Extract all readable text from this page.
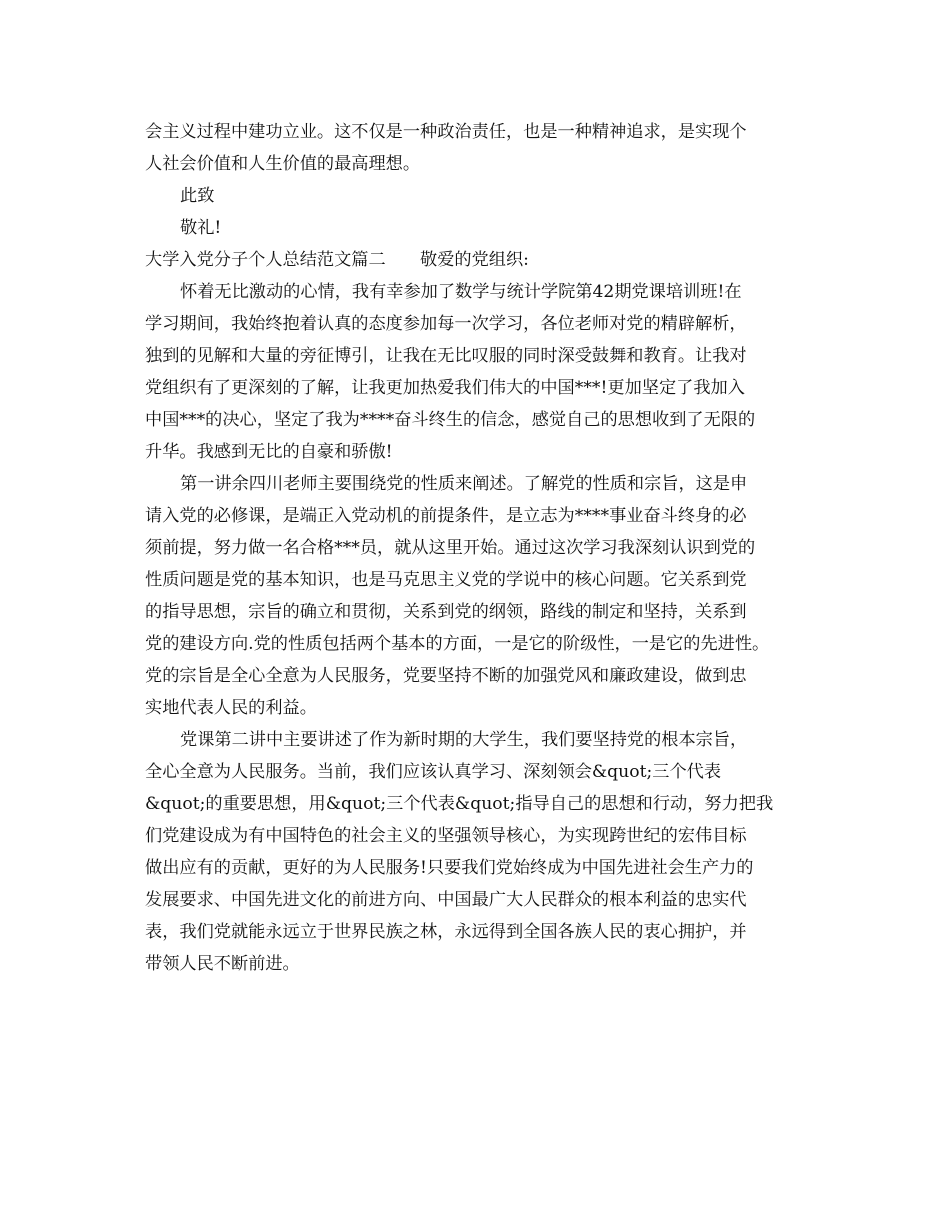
会主义过程中建功立业。这不仅是一种政治责任，也是一种精神追求，是实现个
人社会价值和人生价值的最高理想。
此致
敬礼!
大学入党分子个人总结范文篇二　　敬爱的党组织:
怀着无比激动的心情，我有幸参加了数学与统计学院第42期党课培训班!在
学习期间，我始终抱着认真的态度参加每一次学习，各位老师对党的精辟解析，
独到的见解和大量的旁征博引，让我在无比叹服的同时深受鼓舞和教育。让我对
党组织有了更深刻的了解，让我更加热爱我们伟大的中国***!更加坚定了我加入
中国***的决心，坚定了我为****奋斗终生的信念，感觉自己的思想收到了无限的
升华。我感到无比的自豪和骄傲!
第一讲余四川老师主要围绕党的性质来阐述。了解党的性质和宗旨，这是申
请入党的必修课，是端正入党动机的前提条件，是立志为****事业奋斗终身的必
须前提，努力做一名合格***员，就从这里开始。通过这次学习我深刻认识到党的
性质问题是党的基本知识，也是马克思主义党的学说中的核心问题。它关系到党
的指导思想，宗旨的确立和贯彻，关系到党的纲领，路线的制定和坚持，关系到
党的建设方向.党的性质包括两个基本的方面，一是它的阶级性，一是它的先进性。
党的宗旨是全心全意为人民服务，党要坚持不断的加强党风和廉政建设，做到忠
实地代表人民的利益。
党课第二讲中主要讲述了作为新时期的大学生，我们要坚持党的根本宗旨，
全心全意为人民服务。当前，我们应该认真学习、深刻领会&quot;三个代表
&quot;的重要思想，用&quot;三个代表&quot;指导自己的思想和行动，努力把我
们党建设成为有中国特色的社会主义的坚强领导核心，为实现跨世纪的宏伟目标
做出应有的贡献，更好的为人民服务!只要我们党始终成为中国先进社会生产力的
发展要求、中国先进文化的前进方向、中国最广大人民群众的根本利益的忠实代
表，我们党就能永远立于世界民族之林，永远得到全国各族人民的衷心拥护，并
带领人民不断前进。
